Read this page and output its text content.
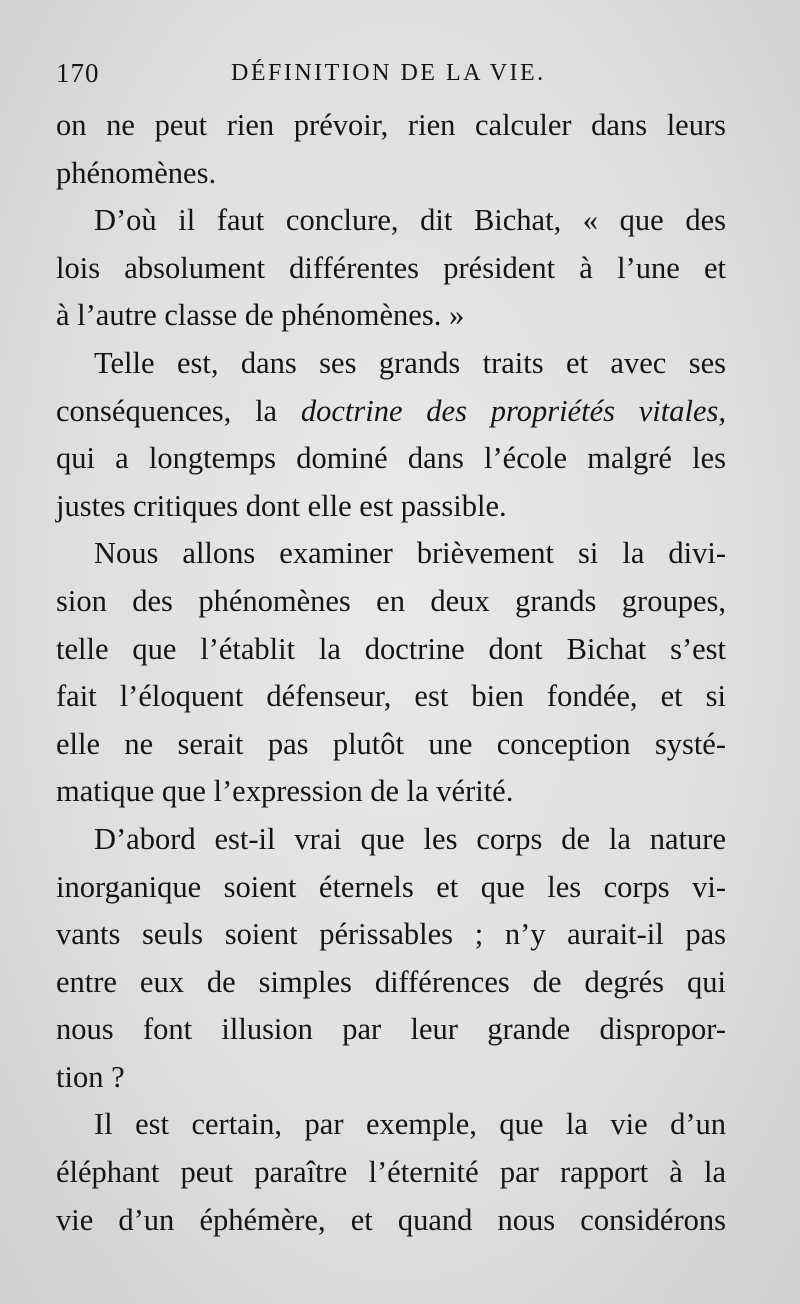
170	DÉFINITION DE LA VIE.
on ne peut rien prévoir, rien calculer dans leurs
phénomènes.
D’où il faut conclure, dit Bichat, « que des
lois absolument différentes président à l’une et
à l’autre classe de phénomènes. »
Telle est, dans ses grands traits et avec ses
conséquences, la doctrine des propriétés vitales,
qui a longtemps dominé dans l’école malgré les
justes critiques dont elle est passible.
Nous allons examiner brièvement si la divi-
sion des phénomènes en deux grands groupes,
telle que l’établit la doctrine dont Bichat s’est
fait l’éloquent défenseur, est bien fondée, et si
elle ne serait pas plutôt une conception systé-
matique que l’expression de la vérité.
D’abord est-il vrai que les corps de la nature
inorganique soient éternels et que les corps vi-
vants seuls soient périssables ; n’y aurait-il pas
entre eux de simples différences de degrés qui
nous font illusion par leur grande dispropor-
tion ?
Il est certain, par exemple, que la vie d’un
éléphant peut paraître l’éternité par rapport à la
vie d’un éphémère, et quand nous considérons
